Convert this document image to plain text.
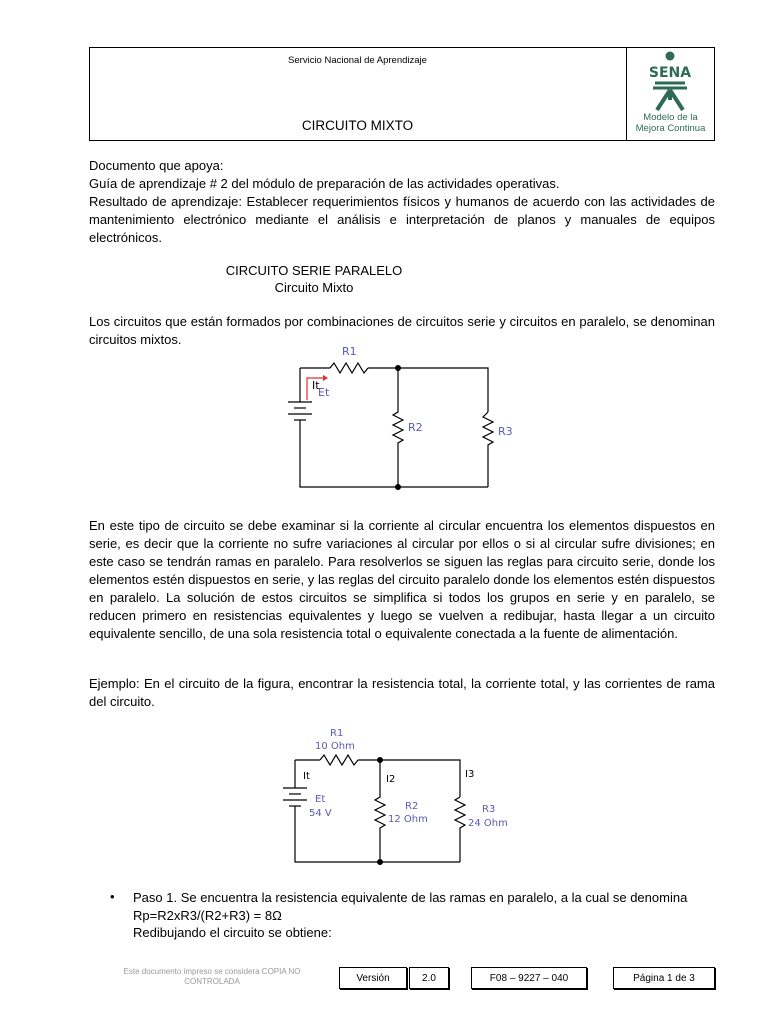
Servicio Nacional de Aprendizaje
CIRCUITO MIXTO
SENA
Modelo de la
Mejora Continua
Documento que apoya:
Guía de aprendizaje # 2 del módulo de preparación de las actividades operativas.
Resultado de aprendizaje: Establecer requerimientos físicos y humanos de acuerdo con las actividades de mantenimiento electrónico mediante el análisis e interpretación de planos y manuales de equipos electrónicos.
CIRCUITO SERIE PARALELO
Circuito Mixto
Los circuitos que están formados por combinaciones de circuitos serie y circuitos en paralelo, se denominan circuitos mixtos.
R1
It
Et
R2	R3
En este tipo de circuito se debe examinar si la corriente al circular encuentra los elementos dispuestos en serie, es decir que la corriente no sufre variaciones al circular por ellos o si al circular sufre divisiones; en este caso se tendrán ramas en paralelo. Para resolverlos se siguen las reglas para circuito serie, donde los elementos estén dispuestos en serie, y las reglas del circuito paralelo donde los elementos estén dispuestos en paralelo. La solución de estos circuitos se simplifica si todos los grupos en serie y en paralelo, se reducen primero en resistencias equivalentes y luego se vuelven a redibujar, hasta llegar a un circuito equivalente sencillo, de una sola resistencia total o equivalente conectada a la fuente de alimentación.
Ejemplo: En el circuito de la figura, encontrar la resistencia total, la corriente total, y las corrientes de rama del circuito.
R1
10 Ohm
It	I2	I3
Et
54 V
R2
12 Ohm
R3
24 Ohm
• Paso 1. Se encuentra la resistencia equivalente de las ramas en paralelo, a la cual se denomina
Rp=R2xR3/(R2+R3) = 8Ω
Redibujando el circuito se obtiene:
Este documento impreso se considera COPIA NO CONTROLADA	Versión	2.0	F08 – 9227 – 040	Página 1 de 3
